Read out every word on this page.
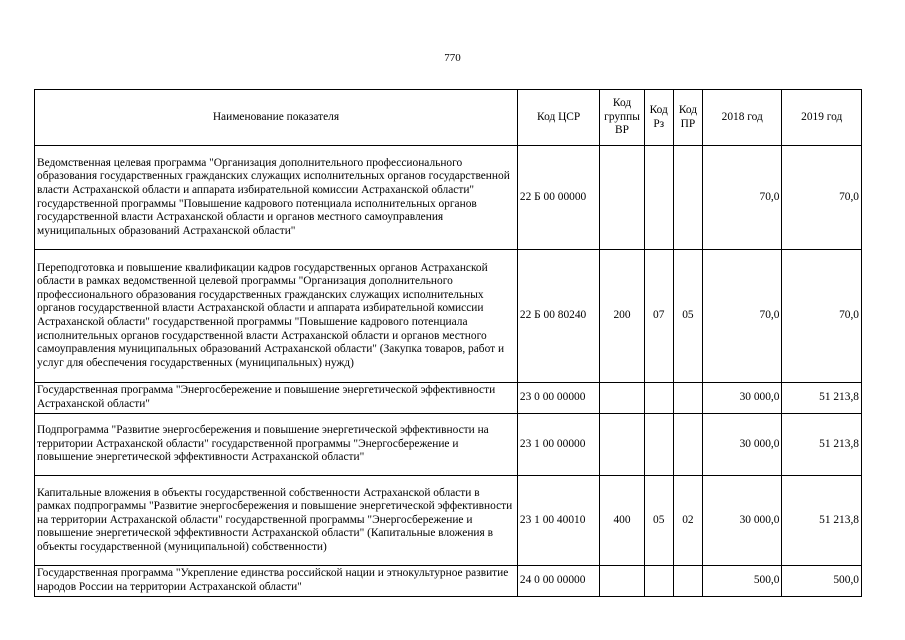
770
Наименование показателя	Код ЦСР	Код группы ВР	Код Рз	Код ПР	2018 год	2019 год
Ведомственная целевая программа "Организация дополнительного профессионального образования государственных гражданских служащих исполнительных органов государственной власти Астраханской области и аппарата избирательной комиссии Астраханской области" государственной программы "Повышение кадрового потенциала исполнительных органов государственной власти Астраханской области и органов местного самоуправления муниципальных образований Астраханской области"	22 Б 00 00000				70,0	70,0
Переподготовка и повышение квалификации кадров государственных органов Астраханской области в рамках ведомственной целевой программы "Организация дополнительного профессионального образования государственных гражданских служащих исполнительных органов государственной власти Астраханской области и аппарата избирательной комиссии Астраханской области" государственной программы "Повышение кадрового потенциала исполнительных органов государственной власти Астраханской области и органов местного самоуправления муниципальных образований Астраханской области" (Закупка товаров, работ и услуг для обеспечения государственных (муниципальных) нужд)	22 Б 00 80240	200	07	05	70,0	70,0
Государственная программа "Энергосбережение и повышение энергетической эффективности Астраханской области"	23 0 00 00000				30 000,0	51 213,8
Подпрограмма "Развитие энергосбережения и повышение энергетической эффективности на территории Астраханской области" государственной программы "Энергосбережение и повышение энергетической эффективности Астраханской области"	23 1 00 00000				30 000,0	51 213,8
Капитальные вложения в объекты государственной собственности Астраханской области в рамках подпрограммы "Развитие энергосбережения и повышение энергетической эффективности на территории Астраханской области" государственной программы "Энергосбережение и повышение энергетической эффективности Астраханской области" (Капитальные вложения в объекты государственной (муниципальной) собственности)	23 1 00 40010	400	05	02	30 000,0	51 213,8
Государственная программа "Укрепление единства российской нации и этнокультурное развитие народов России на территории Астраханской области"	24 0 00 00000				500,0	500,0
